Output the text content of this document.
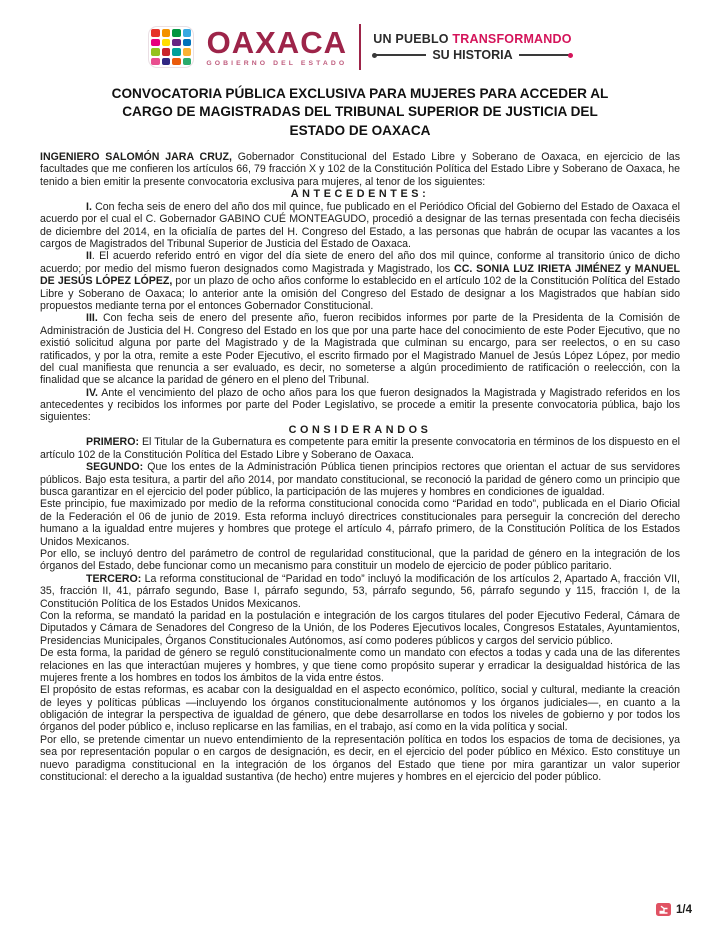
OAXACA
GOBIERNO DEL ESTADO
UN PUEBLO TRANSFORMANDO
SU HISTORIA
CONVOCATORIA PÚBLICA EXCLUSIVA PARA MUJERES PARA ACCEDER AL CARGO DE MAGISTRADAS DEL TRIBUNAL SUPERIOR DE JUSTICIA DEL ESTADO DE OAXACA

INGENIERO SALOMÓN JARA CRUZ, Gobernador Constitucional del Estado Libre y Soberano de Oaxaca, en ejercicio de las facultades que me confieren los artículos 66, 79 fracción X y 102 de la Constitución Política del Estado Libre y Soberano de Oaxaca, he tenido a bien emitir la presente convocatoria exclusiva para mujeres, al tenor de los siguientes:

ANTECEDENTES:

I. Con fecha seis de enero del año dos mil quince, fue publicado en el Periódico Oficial del Gobierno del Estado de Oaxaca el acuerdo por el cual el C. Gobernador GABINO CUÉ MONTEAGUDO, procedió a designar de las ternas presentada con fecha dieciséis de diciembre del 2014, en la oficialía de partes del H. Congreso del Estado, a las personas que habrán de ocupar las vacantes a los cargos de Magistrados del Tribunal Superior de Justicia del Estado de Oaxaca.

II. El acuerdo referido entró en vigor del día siete de enero del año dos mil quince, conforme al transitorio único de dicho acuerdo; por medio del mismo fueron designados como Magistrada y Magistrado, los CC. SONIA LUZ IRIETA JIMÉNEZ y MANUEL DE JESÚS LÓPEZ LÓPEZ, por un plazo de ocho años conforme lo establecido en el artículo 102 de la Constitución Política del Estado Libre y Soberano de Oaxaca; lo anterior ante la omisión del Congreso del Estado de designar a los Magistrados que habían sido propuestos mediante terna por el entonces Gobernador Constitucional.

III. Con fecha seis de enero del presente año, fueron recibidos informes por parte de la Presidenta de la Comisión de Administración de Justicia del H. Congreso del Estado en los que por una parte hace del conocimiento de este Poder Ejecutivo, que no existió solicitud alguna por parte del Magistrado y de la Magistrada que culminan su encargo, para ser reelectos, o en su caso ratificados, y por la otra, remite a este Poder Ejecutivo, el escrito firmado por el Magistrado Manuel de Jesús López López, por medio del cual manifiesta que renuncia a ser evaluado, es decir, no someterse a algún procedimiento de ratificación o reelección, con la finalidad que se alcance la paridad de género en el pleno del Tribunal.

IV. Ante el vencimiento del plazo de ocho años para los que fueron designados la Magistrada y Magistrado referidos en los antecedentes y recibidos los informes por parte del Poder Legislativo, se procede a emitir la presente convocatoria pública, bajo los siguientes:

CONSIDERANDOS

PRIMERO: El Titular de la Gubernatura es competente para emitir la presente convocatoria en términos de los dispuesto en el artículo 102 de la Constitución Política del Estado Libre y Soberano de Oaxaca.

SEGUNDO: Que los entes de la Administración Pública tienen principios rectores que orientan el actuar de sus servidores públicos. Bajo esta tesitura, a partir del año 2014, por mandato constitucional, se reconoció la paridad de género como un principio que busca garantizar en el ejercicio del poder público, la participación de las mujeres y hombres en condiciones de igualdad.

Este principio, fue maximizado por medio de la reforma constitucional conocida como “Paridad en todo”, publicada en el Diario Oficial de la Federación el 06 de junio de 2019. Esta reforma incluyó directrices constitucionales para perseguir la concreción del derecho humano a la igualdad entre mujeres y hombres que protege el artículo 4, párrafo primero, de la Constitución Política de los Estados Unidos Mexicanos.

Por ello, se incluyó dentro del parámetro de control de regularidad constitucional, que la paridad de género en la integración de los órganos del Estado, debe funcionar como un mecanismo para constituir un modelo de ejercicio de poder público paritario.

TERCERO: La reforma constitucional de “Paridad en todo” incluyó la modificación de los artículos 2, Apartado A, fracción VII, 35, fracción II, 41, párrafo segundo, Base I, párrafo segundo, 53, párrafo segundo, 56, párrafo segundo y 115, fracción I, de la Constitución Política de los Estados Unidos Mexicanos.

Con la reforma, se mandató la paridad en la postulación e integración de los cargos titulares del poder Ejecutivo Federal, Cámara de Diputados y Cámara de Senadores del Congreso de la Unión, de los Poderes Ejecutivos locales, Congresos Estatales, Ayuntamientos, Presidencias Municipales, Órganos Constitucionales Autónomos, así como poderes públicos y cargos del servicio público.

De esta forma, la paridad de género se reguló constitucionalmente como un mandato con efectos a todas y cada una de las diferentes relaciones en las que interactúan mujeres y hombres, y que tiene como propósito superar y erradicar la desigualdad histórica de las mujeres frente a los hombres en todos los ámbitos de la vida entre éstos.

El propósito de estas reformas, es acabar con la desigualdad en el aspecto económico, político, social y cultural, mediante la creación de leyes y políticas públicas —incluyendo los órganos constitucionalmente autónomos y los órganos judiciales—, en cuanto a la obligación de integrar la perspectiva de igualdad de género, que debe desarrollarse en todos los niveles de gobierno y por todos los órganos del poder público e, incluso replicarse en las familias, en el trabajo, así como en la vida política y social.

Por ello, se pretende cimentar un nuevo entendimiento de la representación política en todos los espacios de toma de decisiones, ya sea por representación popular o en cargos de designación, es decir, en el ejercicio del poder público en México. Esto constituye un nuevo paradigma constitucional en la integración de los órganos del Estado que tiene por mira garantizar un valor superior constitucional: el derecho a la igualdad sustantiva (de hecho) entre mujeres y hombres en el ejercicio del poder público.

1/4
